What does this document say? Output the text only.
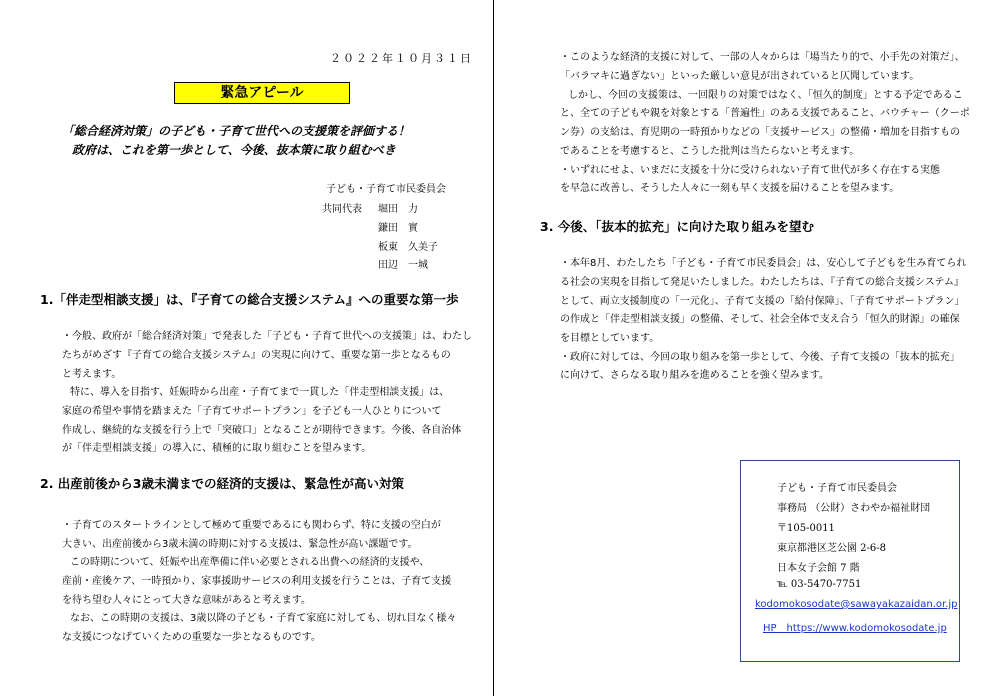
２０２２年１０月３１日
緊急アピール
「総合経済対策」の子ども・子育て世代への支援策を評価する！
政府は、これを第一歩として、今後、抜本策に取り組むべき
子ども・子育て市民委員会
共同代表 堀田　力
鎌田　實
板東　久美子
田辺　一城
1.「伴走型相談支援」は、『子育ての総合支援システム』への重要な第一歩
・今般、政府が「総合経済対策」で発表した「子ども・子育て世代への支援策」は、わたし
たちがめざす『子育ての総合支援システム』の実現に向けて、重要な第一歩となるもの
と考えます。
特に、導入を目指す、妊娠時から出産・子育てまで一貫した「伴走型相談支援」は、
家庭の希望や事情を踏まえた「子育てサポートプラン」を子ども一人ひとりについて
作成し、継続的な支援を行う上で「突破口」となることが期待できます。今後、各自治体
が「伴走型相談支援」の導入に、積極的に取り組むことを望みます。
2. 出産前後から3歳未満までの経済的支援は、緊急性が高い対策
・子育てのスタートラインとして極めて重要であるにも関わらず、特に支援の空白が
大きい、出産前後から3歳未満の時期に対する支援は、緊急性が高い課題です。
この時期について、妊娠や出産準備に伴い必要とされる出費への経済的支援や、
産前・産後ケア、一時預かり、家事援助サービスの利用支援を行うことは、子育て支援
を待ち望む人々にとって大きな意味があると考えます。
なお、この時期の支援は、3歳以降の子ども・子育て家庭に対しても、切れ目なく様々
な支援につなげていくための重要な一歩となるものです。
・このような経済的支援に対して、一部の人々からは「場当たり的で、小手先の対策だ」、
「バラマキに過ぎない」といった厳しい意見が出されていると仄聞しています。
しかし、今回の支援策は、一回限りの対策ではなく、「恒久的制度」とする予定であるこ
と、全ての子どもや親を対象とする「普遍性」のある支援であること、バウチャー（クーポ
ン券）の支給は、育児期の一時預かりなどの「支援サービス」の整備・増加を目指すもの
であることを考慮すると、こうした批判は当たらないと考えます。
・いずれにせよ、いまだに支援を十分に受けられない子育て世代が多く存在する実態
を早急に改善し、そうした人々に一刻も早く支援を届けることを望みます。
3. 今後、「抜本的拡充」に向けた取り組みを望む
・本年8月、わたしたち「子ども・子育て市民委員会」は、安心して子どもを生み育てられ
る社会の実現を目指して発足いたしました。わたしたちは、『子育ての総合支援システム』
として、両立支援制度の「一元化」、子育て支援の「給付保障」、「子育てサポートプラン」
の作成と「伴走型相談支援」の整備、そして、社会全体で支え合う「恒久的財源」の確保
を目標としています。
・政府に対しては、今回の取り組みを第一歩として、今後、子育て支援の「抜本的拡充」
に向けて、さらなる取り組みを進めることを強く望みます。
子ども・子育て市民委員会
事務局 （公財）さわやか福祉財団
〒105-0011
東京都港区芝公園 2-6-8
日本女子会館 7 階
℡ 03-5470-7751
kodomokosodate@sawayakazaidan.or.jp
HP　https://www.kodomokosodate.jp
